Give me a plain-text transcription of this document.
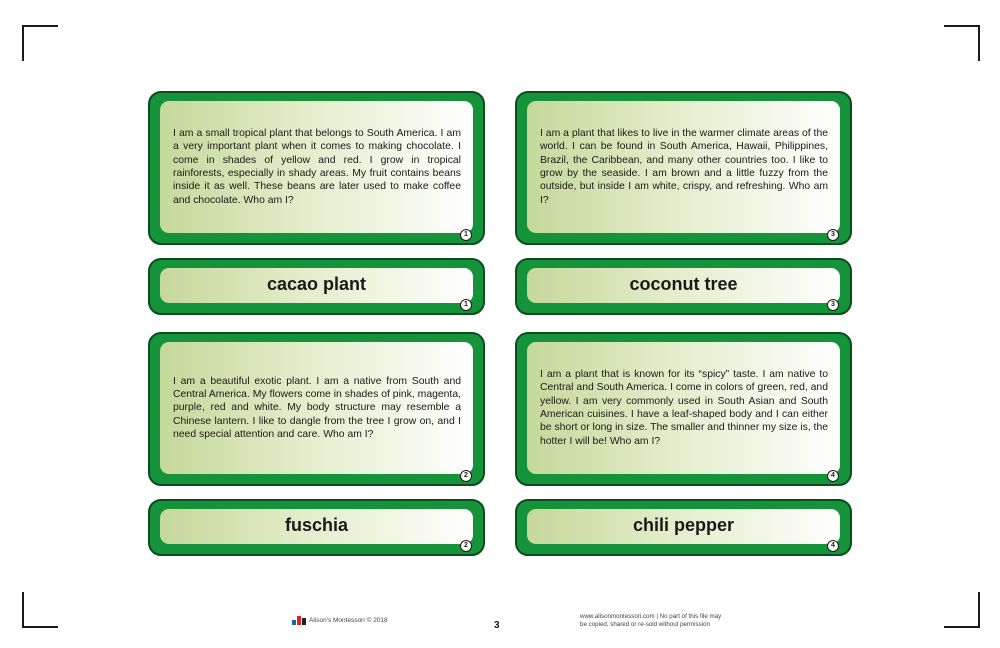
I am a small tropical plant that belongs to South America. I am a very important plant when it comes to making chocolate. I come in shades of yellow and red. I grow in tropical rainforests, especially in shady areas. My fruit contains beans inside it as well. These beans are later used to make coffee and chocolate. Who am I?
1
cacao plant
1
I am a plant that likes to live in the warmer climate areas of the world. I can be found in South America, Hawaii, Philippines, Brazil, the Caribbean, and many other countries too. I like to grow by the seaside. I am brown and a little fuzzy from the outside, but inside I am white, crispy, and refreshing. Who am I?
3
coconut tree
3
I am a beautiful exotic plant. I am a native from South and Central America. My flowers come in shades of pink, magenta, purple, red and white. My body structure may resemble a Chinese lantern. I like to dangle from the tree I grow on, and I need special attention and care. Who am I?
2
fuschia
2
I am a plant that is known for its “spicy” taste. I am native to Central and South America. I come in colors of green, red, and yellow. I am very commonly used in South Asian and South American cuisines. I have a leaf-shaped body and I can either be short or long in size. The smaller and thinner my size is, the hotter I will be! Who am I?
4
chili pepper
4
Alison's Montessori © 2018	3
www.alisonmontessori.com | No part of this file may
be copied, shared or re-sold without permission
